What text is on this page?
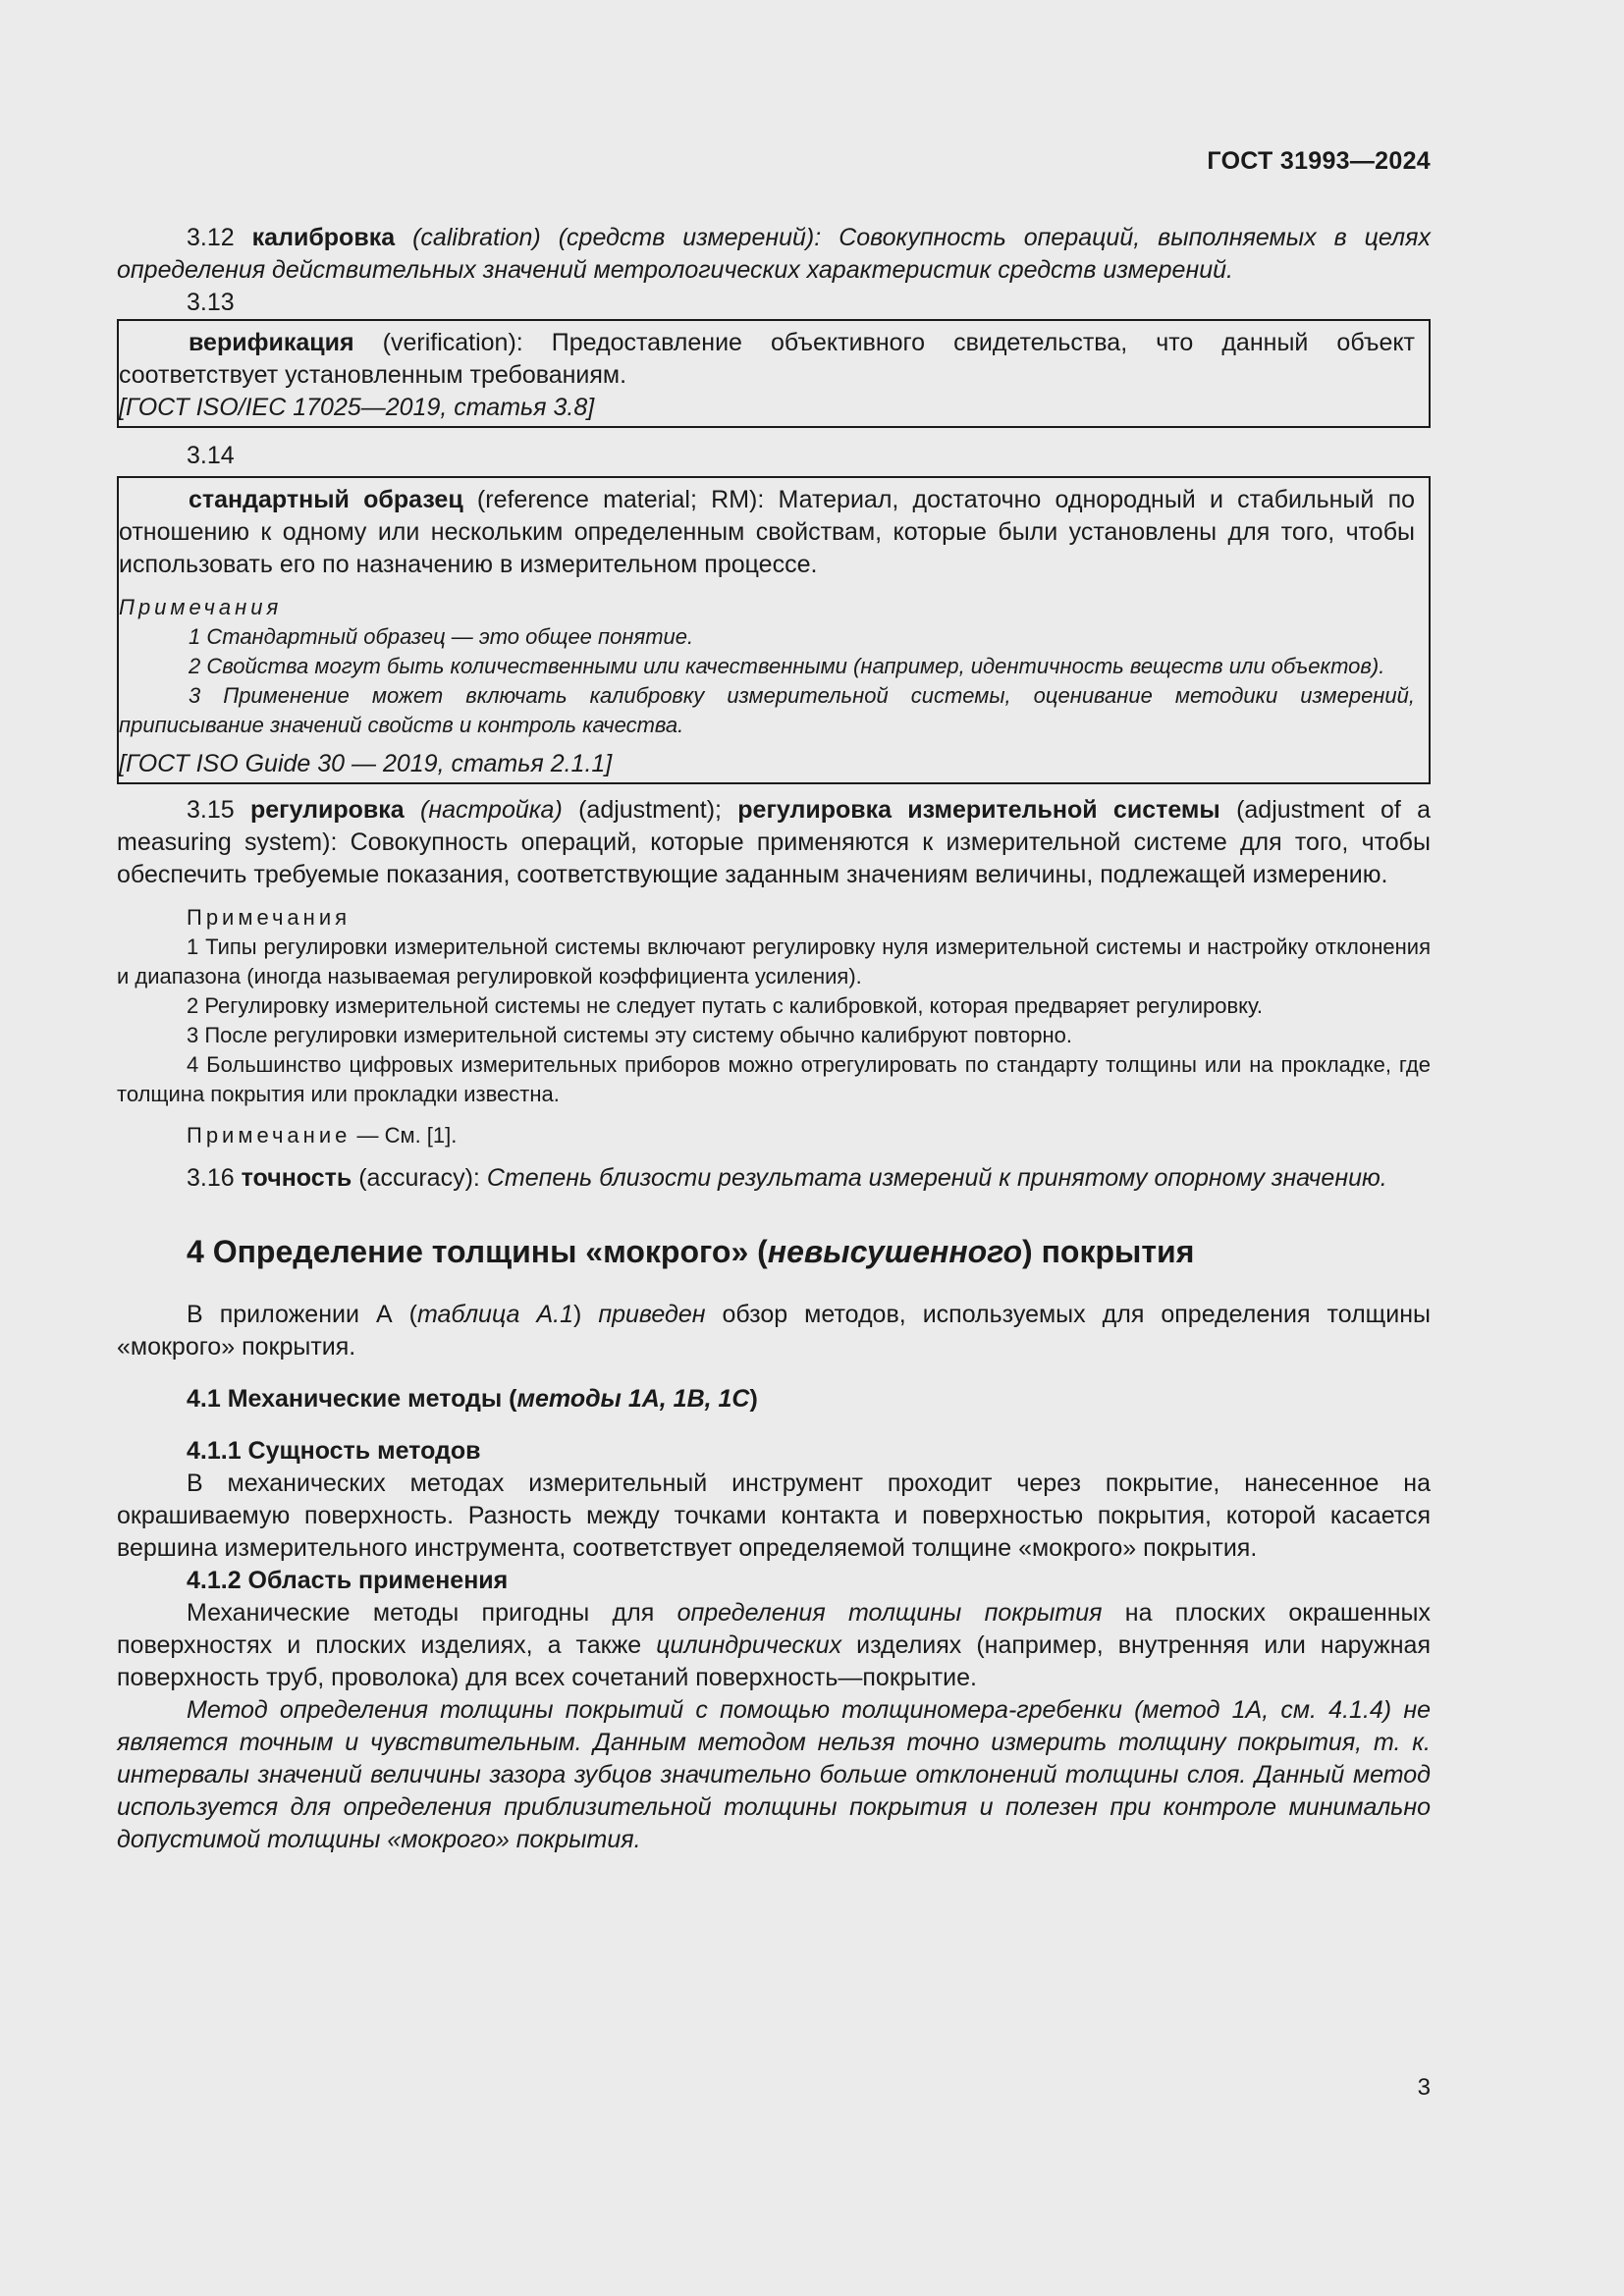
ГОСТ 31993—2024

3.12 калибровка (calibration) (средств измерений): Совокупность операций, выполняемых в целях определения действительных значений метрологических характеристик средств измерений.

3.13

верификация (verification): Предоставление объективного свидетельства, что данный объект соответствует установленным требованиям.

[ГОСТ ISO/IEC 17025—2019, статья 3.8]

3.14

стандартный образец (reference material; RM): Материал, достаточно однородный и стабильный по отношению к одному или нескольким определенным свойствам, которые были установлены для того, чтобы использовать его по назначению в измерительном процессе.

Примечания

1 Стандартный образец — это общее понятие.

2 Свойства могут быть количественными или качественными (например, идентичность веществ или объектов).

3 Применение может включать калибровку измерительной системы, оценивание методики измерений, приписывание значений свойств и контроль качества.

[ГОСТ ISO Guide 30 — 2019, статья 2.1.1]

3.15 регулировка (настройка) (adjustment); регулировка измерительной системы (adjustment of a measuring system): Совокупность операций, которые применяются к измерительной системе для того, чтобы обеспечить требуемые показания, соответствующие заданным значениям величины, подлежащей измерению.

Примечания

1 Типы регулировки измерительной системы включают регулировку нуля измерительной системы и настройку отклонения и диапазона (иногда называемая регулировкой коэффициента усиления).

2 Регулировку измерительной системы не следует путать с калибровкой, которая предваряет регулировку.

3 После регулировки измерительной системы эту систему обычно калибруют повторно.

4 Большинство цифровых измерительных приборов можно отрегулировать по стандарту толщины или на прокладке, где толщина покрытия или прокладки известна.

Примечание — См. [1].

3.16 точность (accuracy): Степень близости результата измерений к принятому опорному значению.

4 Определение толщины «мокрого» (невысушенного) покрытия

В приложении А (таблица А.1) приведен обзор методов, используемых для определения толщины «мокрого» покрытия.

4.1 Механические методы (методы 1А, 1В, 1С)
4.1.1 Сущность методов

В механических методах измерительный инструмент проходит через покрытие, нанесенное на окрашиваемую поверхность. Разность между точками контакта и поверхностью покрытия, которой касается вершина измерительного инструмента, соответствует определяемой толщине «мокрого» покрытия.

4.1.2 Область применения

Механические методы пригодны для определения толщины покрытия на плоских окрашенных поверхностях и плоских изделиях, а также цилиндрических изделиях (например, внутренняя или наружная поверхность труб, проволока) для всех сочетаний поверхность—покрытие.

Метод определения толщины покрытий с помощью толщиномера-гребенки (метод 1А, см. 4.1.4) не является точным и чувствительным. Данным методом нельзя точно измерить толщину покрытия, т. к. интервалы значений величины зазора зубцов значительно больше отклонений толщины слоя. Данный метод используется для определения приблизительной толщины покрытия и полезен при контроле минимально допустимой толщины «мокрого» покрытия.

3
